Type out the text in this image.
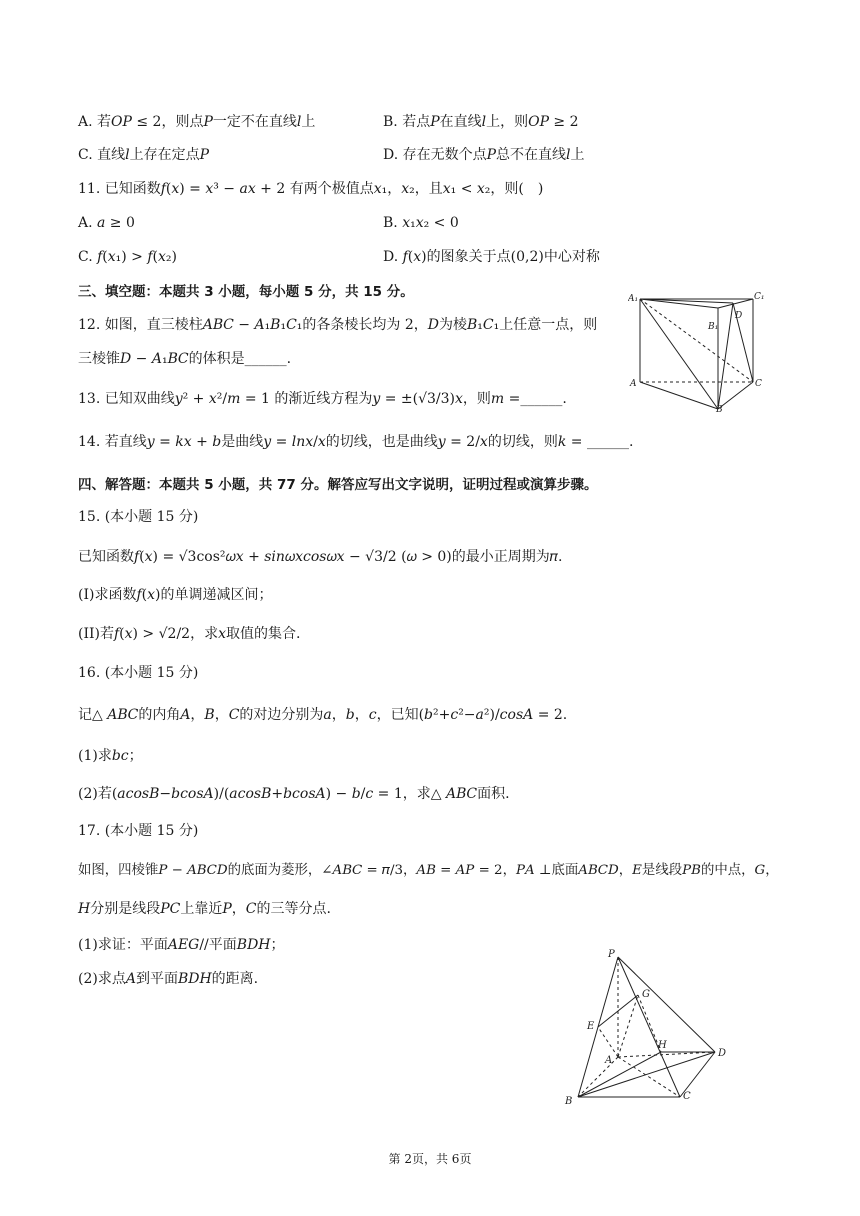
A. 若𝑂𝑃 ≤ 2，则点𝑃一定不在直线𝑙上	B. 若点𝑃在直线𝑙上，则𝑂𝑃 ≥ 2
C. 直线𝑙上存在定点𝑃	D. 存在无数个点𝑃总不在直线𝑙上
11. 已知函数𝑓(𝑥) = 𝑥³ − 𝑎𝑥 + 2 有两个极值点𝑥₁，𝑥₂，且𝑥₁ < 𝑥₂，则(　)
A. 𝑎 ≥ 0	B. 𝑥₁𝑥₂ < 0
C. 𝑓(𝑥₁) > 𝑓(𝑥₂)	D. 𝑓(𝑥)的图象关于点(0,2)中心对称
三、填空题：本题共 3 小题，每小题 5 分，共 15 分。
12. 如图，直三棱柱𝐴𝐵𝐶 − 𝐴₁𝐵₁𝐶₁的各条棱长均为 2，𝐷为棱𝐵₁𝐶₁上任意一点，则
三棱锥𝐷 − 𝐴₁𝐵𝐶的体积是______.
A₁	C₁
B₁
D
A	C
B
13. 已知双曲线𝑦² + 𝑥²/𝑚 = 1 的渐近线方程为𝑦 = ±(√3/3)𝑥，则𝑚 =______.
14. 若直线𝑦 = 𝑘𝑥 + 𝑏是曲线𝑦 = 𝑙𝑛𝑥/𝑥的切线，也是曲线𝑦 = 2/𝑥的切线，则𝑘 = ______.
四、解答题：本题共 5 小题，共 77 分。解答应写出文字说明，证明过程或演算步骤。
15. (本小题 15 分)
已知函数𝑓(𝑥) = √3cos²𝜔𝑥 + 𝑠𝑖𝑛𝜔𝑥𝑐𝑜𝑠𝜔𝑥 − √3/2 (𝜔 > 0)的最小正周期为𝜋.
(I)求函数𝑓(𝑥)的单调递减区间；
(II)若𝑓(𝑥) > √2/2，求𝑥取值的集合.
16. (本小题 15 分)
记△ 𝐴𝐵𝐶的内角𝐴，𝐵，𝐶的对边分别为𝑎，𝑏，𝑐，已知(𝑏²+𝑐²−𝑎²)/𝑐𝑜𝑠𝐴 = 2.
(1)求𝑏𝑐；
(2)若(𝑎𝑐𝑜𝑠𝐵−𝑏𝑐𝑜𝑠𝐴)/(𝑎𝑐𝑜𝑠𝐵+𝑏𝑐𝑜𝑠𝐴) − 𝑏/𝑐 = 1，求△ 𝐴𝐵𝐶面积.
17. (本小题 15 分)
如图，四棱锥𝑃 − 𝐴𝐵𝐶𝐷的底面为菱形，∠𝐴𝐵𝐶 = 𝜋/3，𝐴𝐵 = 𝐴𝑃 = 2，𝑃𝐴 ⊥底面𝐴𝐵𝐶𝐷，𝐸是线段𝑃𝐵的中点，𝐺，
𝐻分别是线段𝑃𝐶上靠近𝑃，𝐶的三等分点.
(1)求证：平面𝐴𝐸𝐺//平面𝐵𝐷𝐻；
(2)求点𝐴到平面𝐵𝐷𝐻的距离.
P
G
E
A
H
D
B	C
第 2页，共 6页
